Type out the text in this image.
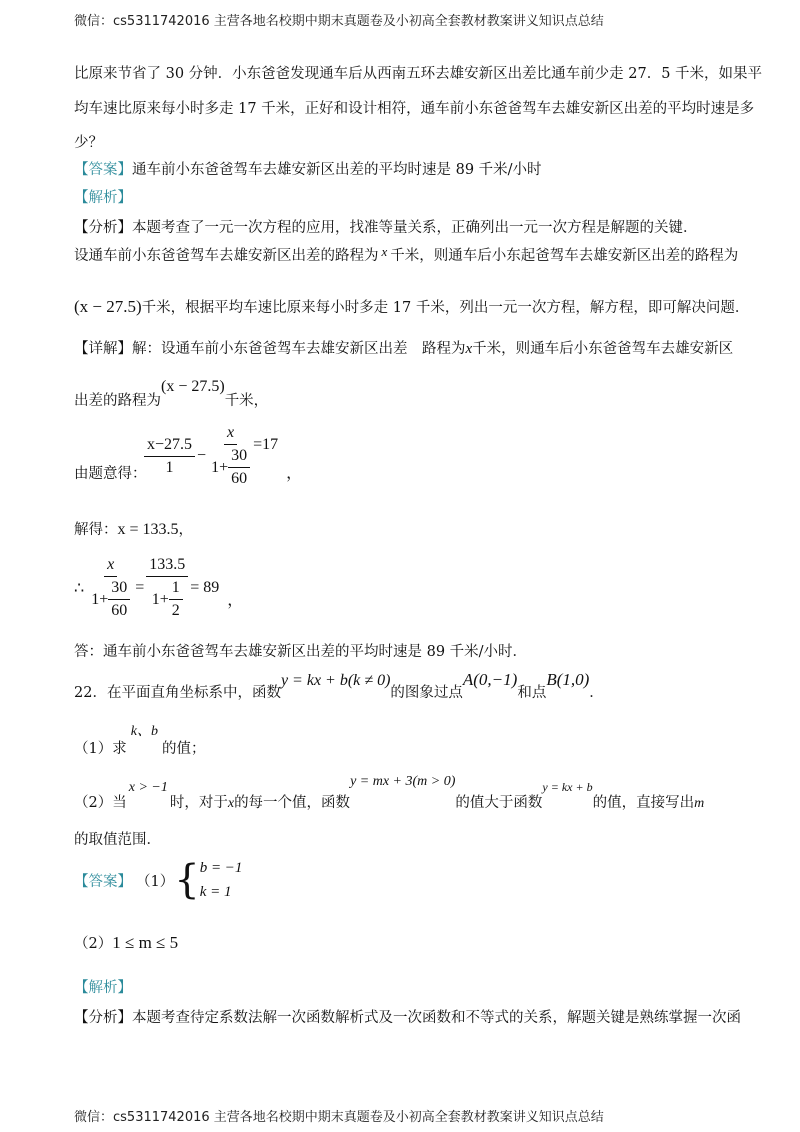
微信：cs5311742016 主营各地名校期中期末真题卷及小初高全套教材教案讲义知识点总结
比原来节省了 30 分钟．小东爸爸发现通车后从西南五环去雄安新区出差比通车前少走 27．5 千米，如果平
均车速比原来每小时多走 17 千米，正好和设计相符，通车前小东爸爸驾车去雄安新区出差的平均时速是多
少？
【答案】通车前小东爸爸驾车去雄安新区出差的平均时速是 89 千米/小时
【解析】
【分析】本题考查了一元一次方程的应用，找准等量关系，正确列出一元一次方程是解题的关键．
设通车前小东爸爸驾车去雄安新区出差的路程为 x 千米，则通车后小东起爸驾车去雄安新区出差的路程为
(x − 27.5)千米，根据平均车速比原来每小时多走 17 千米，列出一元一次方程，解方程，即可解决问题．
【详解】解：设通车前小东爸爸驾车去雄安新区出差　路程为x千米，则通车后小东爸爸驾车去雄安新区
出差的路程为(x − 27.5)千米，
由题意得：
$\frac{x-27.5}{1} - \frac{x}{1+ \frac{30}{60}} =17$
，
解得：x = 133.5，
∴ $\frac{x}{1+ \frac{30}{60}} = \frac{133.5}{1+ \frac{1}{2}} = 89$
，
答：通车前小东爸爸驾车去雄安新区出差的平均时速是 89 千米/小时．
22．在平面直角坐标系中，函数y = kx + b(k ≠ 0)的图象过点A(0,−1)和点B(1,0)．
（1）求k、b的值；
（2）当x > −1时，对于x的每一个值，函数y = mx + 3(m > 0)的值大于函数$^{y = kx + b}$的值，直接写出m
的取值范围．
【答案】 （1） { b = −1
k = 1
（2）1 ≤ m ≤ 5
【解析】
【分析】本题考查待定系数法解一次函数解析式及一次函数和不等式的关系，解题关键是熟练掌握一次函
微信：cs5311742016 主营各地名校期中期末真题卷及小初高全套教材教案讲义知识点总结
